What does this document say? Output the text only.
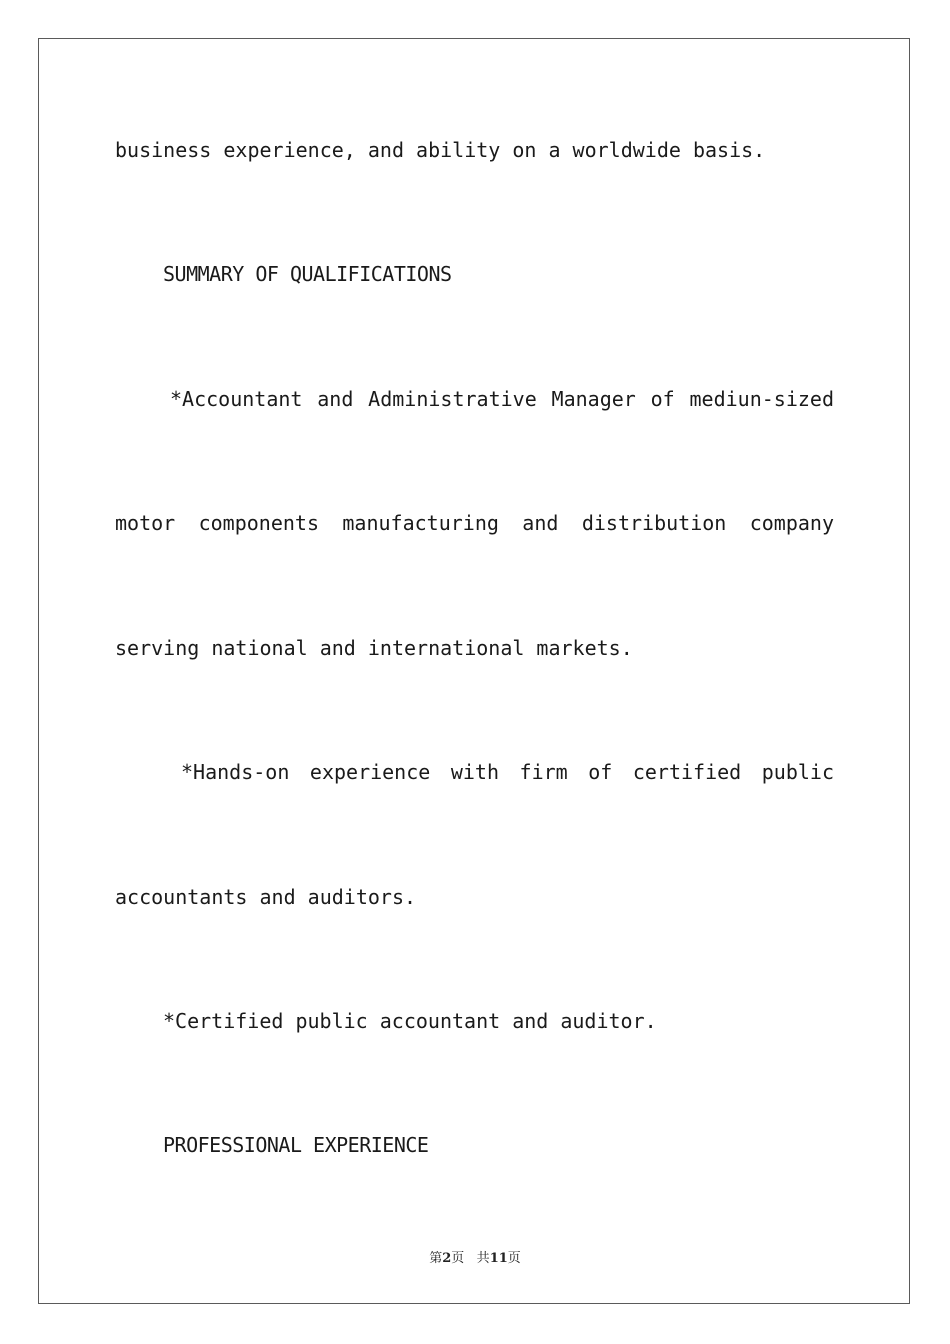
business experience, and ability on a worldwide basis.

SUMMARY OF QUALIFICATIONS

*Accountant and Administrative Manager of mediun-sized

motor components manufacturing and distribution company

serving national and international markets.

*Hands-on experience with firm of certified public

accountants and auditors.

*Certified public accountant and auditor.

PROFESSIONAL EXPERIENCE

第2页 共11页
